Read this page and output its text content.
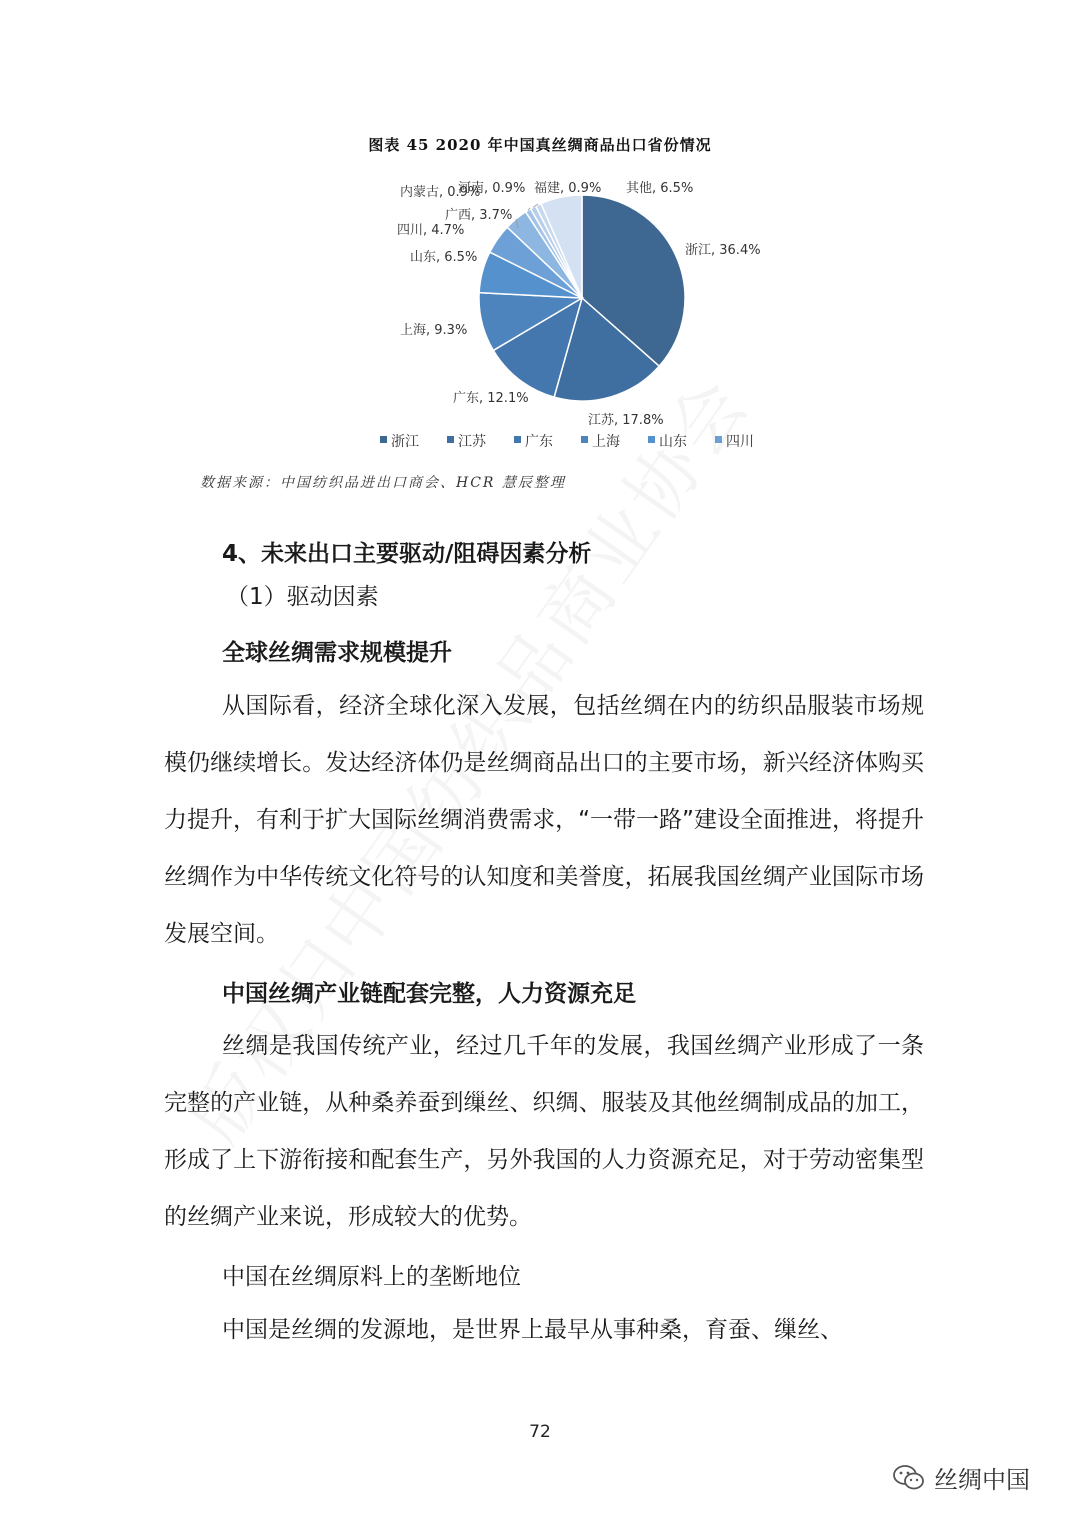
图表 45 2020 年中国真丝绸商品出口省份情况
浙江, 36.4%
江苏, 17.8%
广东, 12.1%
上海, 9.3%
山东, 6.5%
四川, 4.7%
广西, 3.7%
内蒙古, 0.9%
河南, 0.9% 福建, 0.9% 其他, 6.5%
浙江	江苏	广东	上海	山东	四川
数据来源：中国纺织品进出口商会、HCR 慧辰整理
4、未来出口主要驱动/阻碍因素分析
（1）驱动因素
全球丝绸需求规模提升

从国际看，经济全球化深入发展，包括丝绸在内的纺织品服装市场规模仍继续增长。发达经济体仍是丝绸商品出口的主要市场，新兴经济体购买力提升，有利于扩大国际丝绸消费需求，“一带一路”建设全面推进，将提升丝绸作为中华传统文化符号的认知度和美誉度，拓展我国丝绸产业国际市场发展空间。

中国丝绸产业链配套完整，人力资源充足

丝绸是我国传统产业，经过几千年的发展，我国丝绸产业形成了一条完整的产业链，从种桑养蚕到缫丝、织绸、服装及其他丝绸制成品的加工，形成了上下游衔接和配套生产，另外我国的人力资源充足，对于劳动密集型的丝绸产业来说，形成较大的优势。

中国在丝绸原料上的垄断地位

中国是丝绸的发源地，是世界上最早从事种桑，育蚕、缫丝、

72
丝绸中国
